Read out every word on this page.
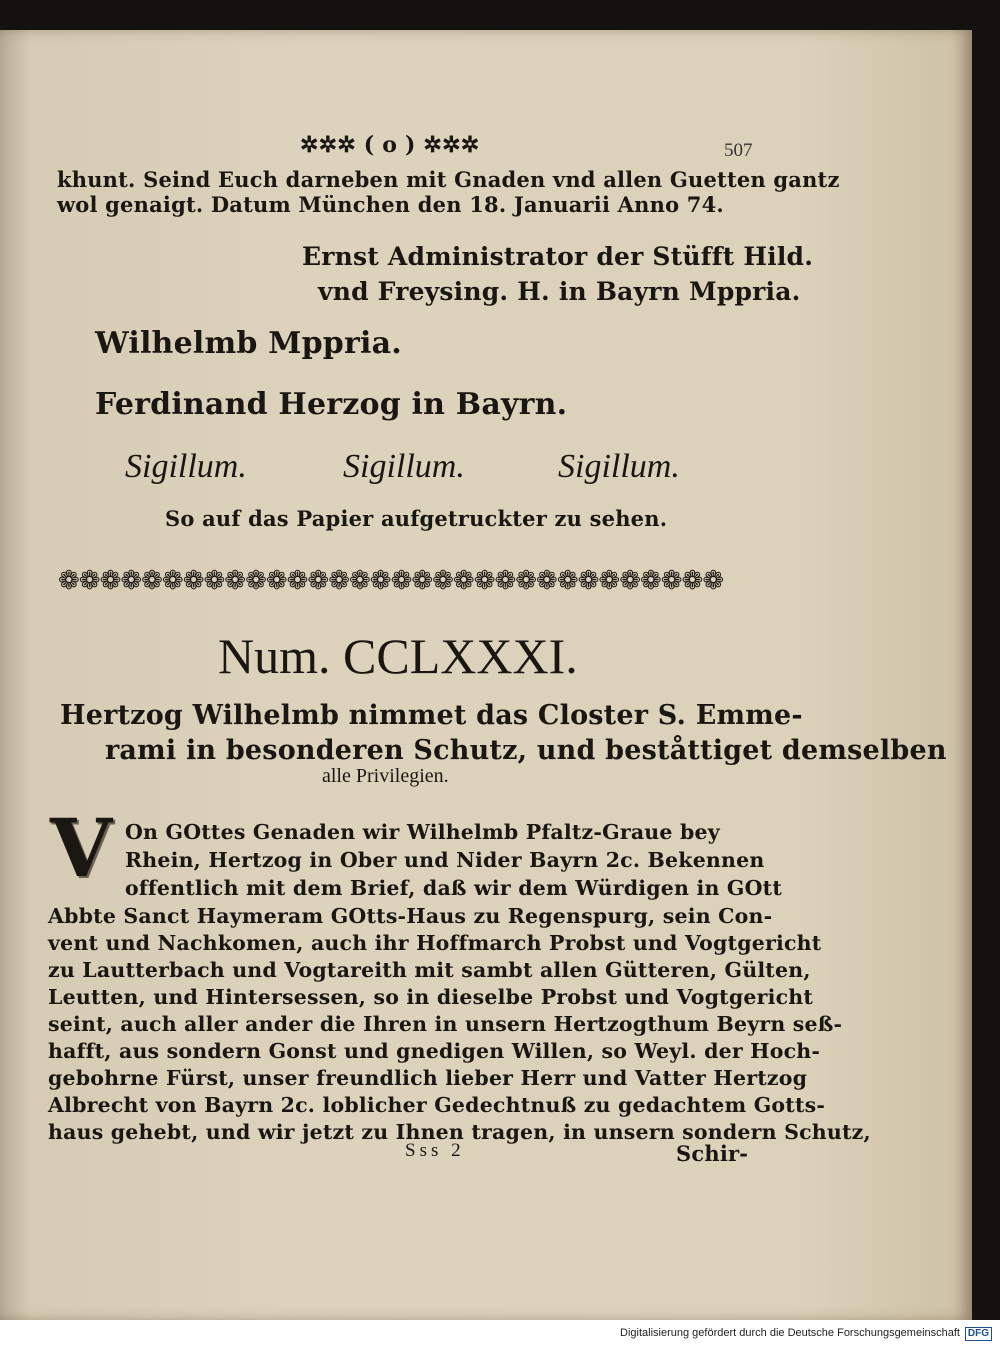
✲✲✲ ( o ) ✲✲✲	507
khunt. Seind Euch darneben mit Gnaden vnd allen Guetten gantz
wol genaigt. Datum München den 18. Januarii Anno 74.
Ernst Administrator der Stüfft Hild.
vnd Freysing. H. in Bayrn Mppria.
Wilhelmb Mppria.
Ferdinand Herzog in Bayrn.
Sigillum.	Sigillum.	Sigillum.
So auf das Papier aufgetruckter zu sehen.
❁❁❁❁❁❁❁❁❁❁❁❁❁❁❁❁❁❁❁❁❁❁❁❁❁❁❁❁❁❁❁❁
Num. CCLXXXI.
Hertzog Wilhelmb nimmet das Closter S. Emme-
rami in besonderen Schutz, und beståttiget demselben
alle Privilegien.
V On GOttes Genaden wir Wilhelmb Pfaltz-Graue bey
Rhein, Hertzog in Ober und Nider Bayrn 2c. Bekennen
offentlich mit dem Brief, daß wir dem Würdigen in GOtt
Abbte Sanct Haymeram GOtts-Haus zu Regenspurg, sein Con-
vent und Nachkomen, auch ihr Hoffmarch Probst und Vogtgericht
zu Lautterbach und Vogtareith mit sambt allen Gütteren, Gülten,
Leutten, und Hintersessen, so in dieselbe Probst und Vogtgericht
seint, auch aller ander die Ihren in unsern Hertzogthum Beyrn seß-
hafft, aus sondern Gonst und gnedigen Willen, so Weyl. der Hoch-
gebohrne Fürst, unser freundlich lieber Herr und Vatter Hertzog
Albrecht von Bayrn 2c. loblicher Gedechtnuß zu gedachtem Gotts-
haus gehebt, und wir jetzt zu Ihnen tragen, in unsern sondern Schutz,
Sss 2	Schir-
Digitalisierung gefördert durch die Deutsche Forschungsgemeinschaft DFG
